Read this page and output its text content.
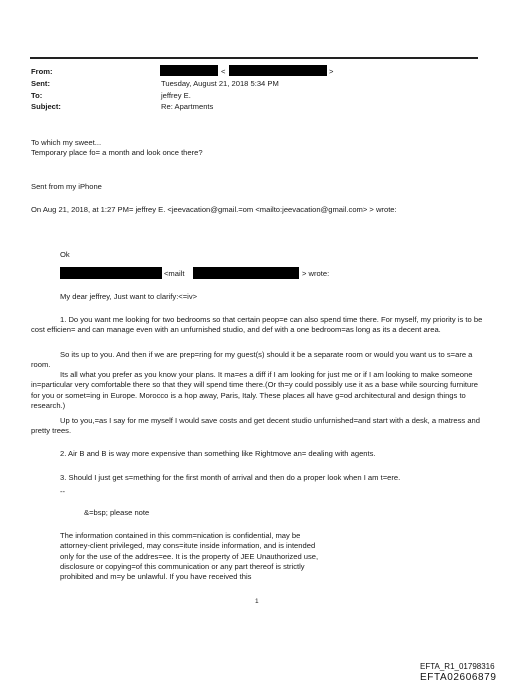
From:
Sent:
To:
Subject:
<	>
Tuesday, August 21, 2018 5:34 PM
jeffrey E.
Re: Apartments
To which my sweet...
Temporary place fo= a month and look once there?
Sent from my iPhone
On Aug 21, 2018, at 1:27 PM= jeffrey E. <jeevacation@gmail.=om <mailto:jeevacation@gmail.com> > wrote:
Ok
<mailt	> wrote:
My dear jeffrey, Just want to clarify:<=iv>
1. Do you want me looking for two bedrooms so that certain peop=e can also spend time there. For myself, my priority is to be cost efficien= and can manage even with an unfurnished studio, and def with a one bedroom=as long as its a decent area.
So its up to you. And then if we are prep=ring for my guest(s) should it be a separate room or would you want us to s=are a room.
Its all what you prefer as you know your plans. It ma=es a diff if I am looking for just me or if I am looking to make someone in=particular very comfortable there so that they will spend time there.(Or th=y could possibly use it as a base while sourcing furniture for you or somet=ing in Europe. Morocco is a hop away, Paris, Italy. These places all have g=od architectural and design things to research.)
Up to you,=as I say for me myself I would save costs and get decent studio unfurnished=and start with a desk, a matress and pretty trees.
2. Air B and B is way more expensive than something like Rightmove an= dealing with agents.
3. Should I just get s=mething for the first month of arrival and then do a proper look when I am t=ere.
--
&=bsp; please note
The information contained in this comm=nication is confidential, may be attorney-client privileged, may cons=itute inside information, and is intended only for the use of the addres=ee. It is the property of JEE Unauthorized use, disclosure or copying=of this communication or any part thereof is strictly prohibited and m=y be unlawful. If you have received this
1
EFTA_R1_01798316
EFTA02606879
